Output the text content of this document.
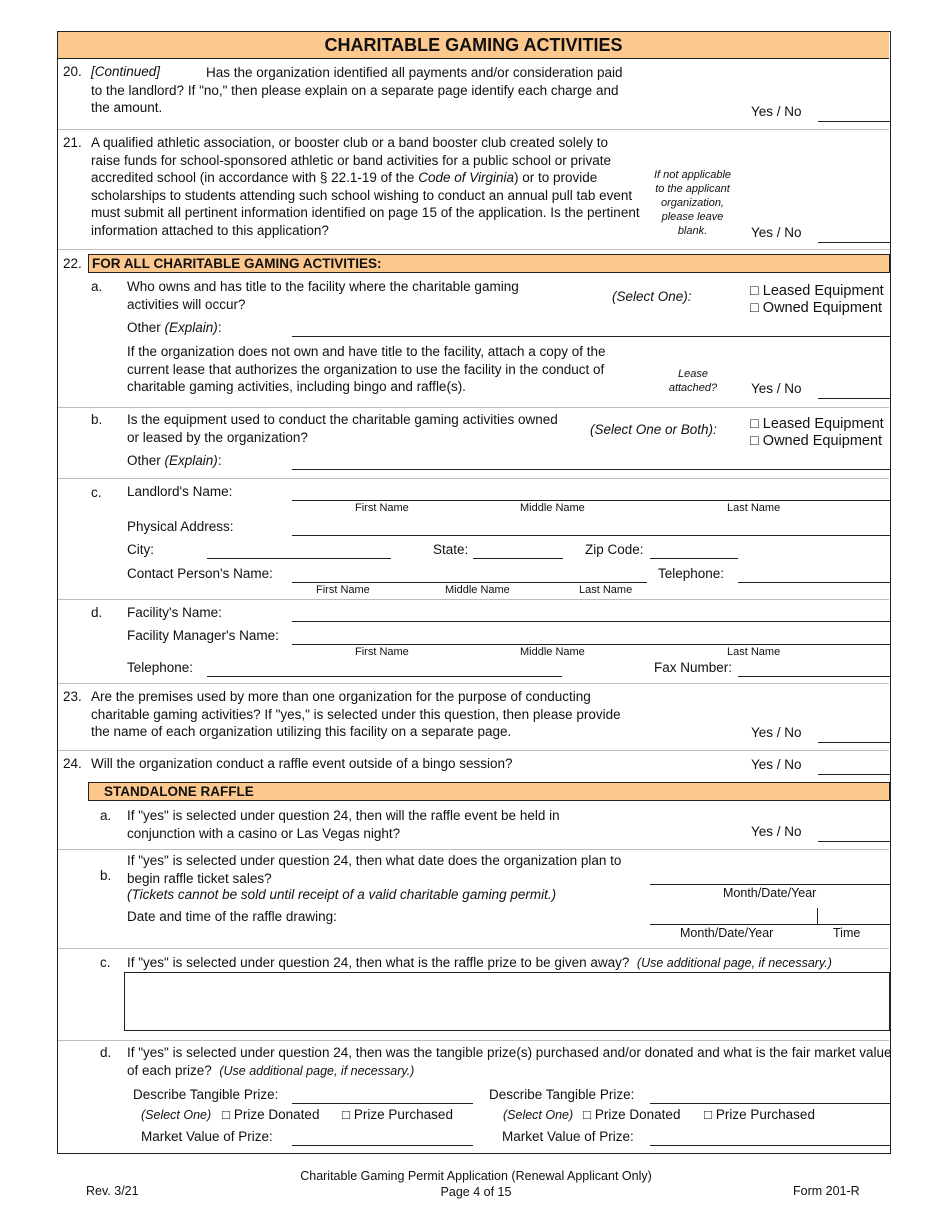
CHARITABLE GAMING ACTIVITIES
20. [Continued]	Has the organization identified all payments and/or consideration paid to the landlord? If "no," then please explain on a separate page identify each charge and the amount.	Yes / No
21. A qualified athletic association, or booster club or a band booster club created solely to raise funds for school-sponsored athletic or band activities for a public school or private accredited school (in accordance with § 22.1-19 of the Code of Virginia) or to provide scholarships to students attending such school wishing to conduct an annual pull tab event must submit all pertinent information identified on page 15 of the application. Is the pertinent information attached to this application?
If not applicable to the applicant organization, please leave blank.	Yes / No
22. FOR ALL CHARITABLE GAMING ACTIVITIES:
a. Who owns and has title to the facility where the charitable gaming activities will occur?	(Select One):	□ Leased Equipment
□ Owned Equipment
Other (Explain):
If the organization does not own and have title to the facility, attach a copy of the current lease that authorizes the organization to use the facility in the conduct of charitable gaming activities, including bingo and raffle(s).
Lease attached?	Yes / No
b. Is the equipment used to conduct the charitable gaming activities owned or leased by the organization?	(Select One or Both): □ Leased Equipment
□ Owned Equipment
Other (Explain):
c. Landlord's Name:
First Name	Middle Name	Last Name
Physical Address:
City:	State:	Zip Code:
Contact Person's Name:	Telephone:
First Name	Middle Name	Last Name
d. Facility's Name:
Facility Manager's Name:
First Name	Middle Name	Last Name
Telephone:	Fax Number:
23. Are the premises used by more than one organization for the purpose of conducting charitable gaming activities? If "yes," is selected under this question, then please provide the name of each organization utilizing this facility on a separate page.	Yes / No
24. Will the organization conduct a raffle event outside of a bingo session?	Yes / No
STANDALONE RAFFLE
a. If "yes" is selected under question 24, then will the raffle event be held in conjunction with a casino or Las Vegas night?	Yes / No
b.
If "yes" is selected under question 24, then what date does the organization plan to begin raffle ticket sales?
(Tickets cannot be sold until receipt of a valid charitable gaming permit.)
Date and time of the raffle drawing:
Month/Date/Year
Month/Date/Year	Time
c. If "yes" is selected under question 24, then what is the raffle prize to be given away? (Use additional page, if necessary.)
d. If "yes" is selected under question 24, then was the tangible prize(s) purchased and/or donated and what is the fair market value of each prize? (Use additional page, if necessary.)
Describe Tangible Prize:
(Select One) □ Prize Donated □ Prize Purchased
Market Value of Prize:
Describe Tangible Prize:
(Select One) □ Prize Donated □ Prize Purchased
Market Value of Prize:
Rev. 3/21
Charitable Gaming Permit Application (Renewal Applicant Only)
Page 4 of 15	Form 201-R
